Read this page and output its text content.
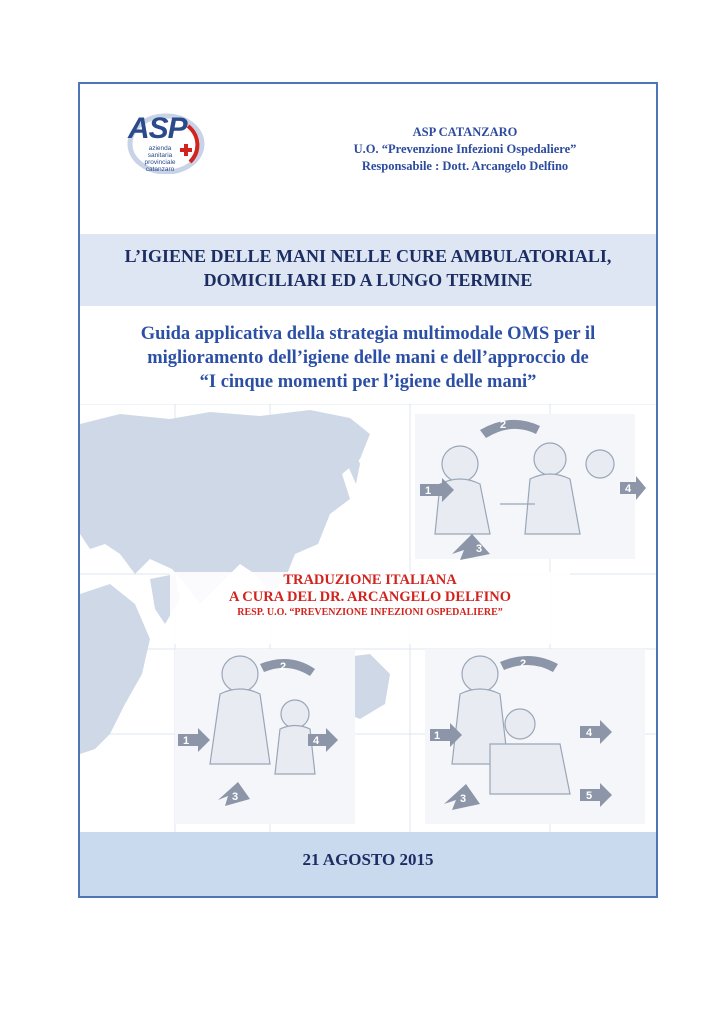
ASP
azienda
sanitaria
provinciale
catanzaro
ASP CATANZARO
U.O. “Prevenzione Infezioni Ospedaliere”
Responsabile : Dott. Arcangelo Delfino
L’IGIENE DELLE MANI NELLE CURE AMBULATORIALI,
DOMICILIARI ED A LUNGO TERMINE
Guida applicativa della strategia multimodale OMS per il
miglioramento dell’igiene delle mani e dell’approccio de
“I cinque momenti per l’igiene delle mani”
1
2
3
4
1
2
3
4	1
2
3
4
5
TRADUZIONE ITALIANA
A CURA DEL DR. ARCANGELO DELFINO
RESP. U.O. “PREVENZIONE INFEZIONI OSPEDALIERE”
21 AGOSTO 2015
